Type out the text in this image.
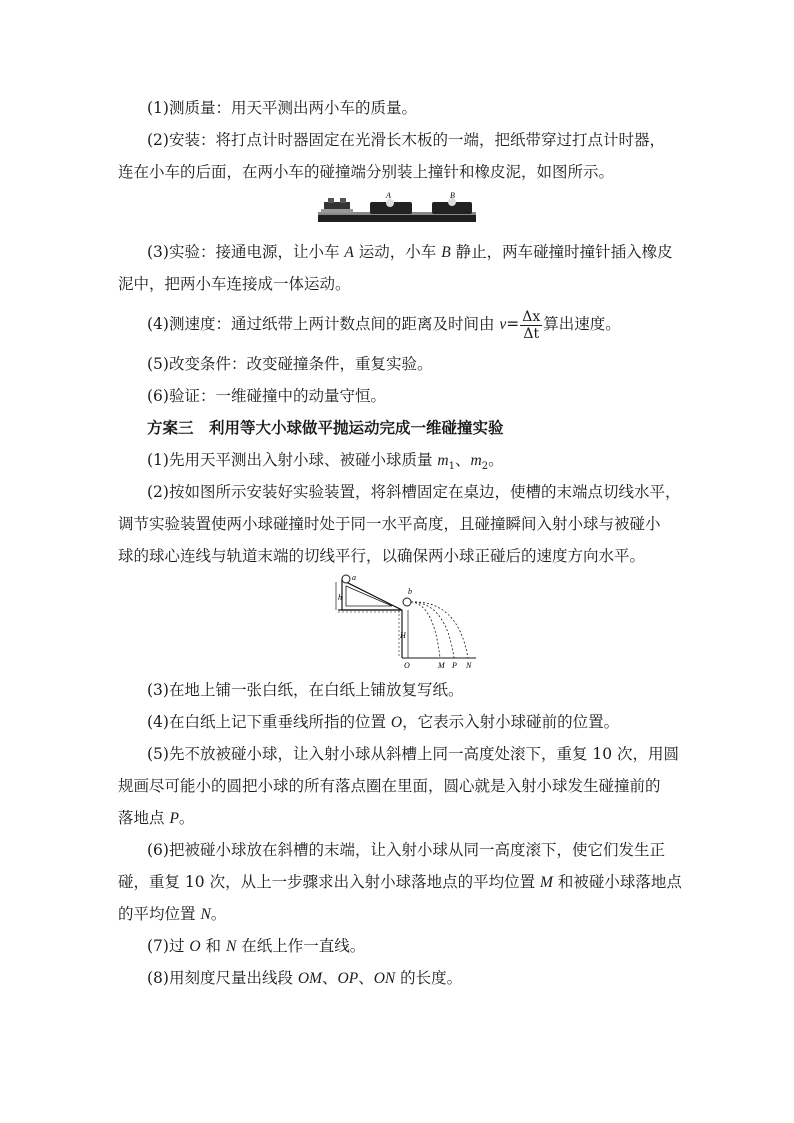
(1)测质量：用天平测出两小车的质量。
(2)安装：将打点计时器固定在光滑长木板的一端，把纸带穿过打点计时器，
连在小车的后面，在两小车的碰撞端分别装上撞针和橡皮泥，如图所示。
A	B
(3)实验：接通电源，让小车 A 运动，小车 B 静止，两车碰撞时撞针插入橡皮
泥中，把两小车连接成一体运动。
(4)测速度：通过纸带上两计数点间的距离及时间由 $v= \frac{\Delta x}{\Delta t}$ 算出速度。
(5)改变条件：改变碰撞条件，重复实验。
(6)验证：一维碰撞中的动量守恒。
方案三　利用等大小球做平抛运动完成一维碰撞实验
(1)先用天平测出入射小球、被碰小球质量 $m_1$、$m_2$。
(2)按如图所示安装好实验装置，将斜槽固定在桌边，使槽的末端点切线水平，
调节实验装置使两小球碰撞时处于同一水平高度，且碰撞瞬间入射小球与被碰小
球的球心连线与轨道末端的切线平行，以确保两小球正碰后的速度方向水平。
a
h
b
H
O	M P N
(3)在地上铺一张白纸，在白纸上铺放复写纸。
(4)在白纸上记下重垂线所指的位置 O，它表示入射小球碰前的位置。
(5)先不放被碰小球，让入射小球从斜槽上同一高度处滚下，重复 10 次，用圆
规画尽可能小的圆把小球的所有落点圈在里面，圆心就是入射小球发生碰撞前的
落地点 P。
(6)把被碰小球放在斜槽的末端，让入射小球从同一高度滚下，使它们发生正
碰，重复 10 次，从上一步骤求出入射小球落地点的平均位置 M 和被碰小球落地点
的平均位置 N。
(7)过 O 和 N 在纸上作一直线。
(8)用刻度尺量出线段 OM、OP、ON 的长度。
